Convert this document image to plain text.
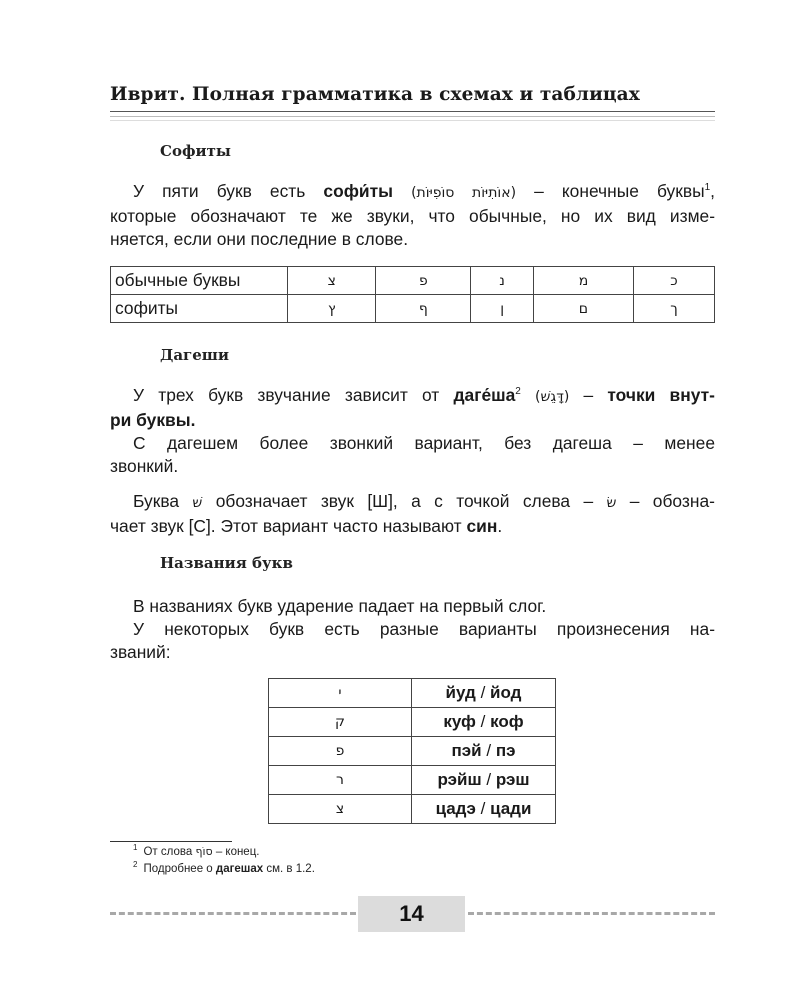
Иврит. Полная грамматика в схемах и таблицах
Софиты
У пяти букв есть софи́ты (אוֹתִיּוֹת סוֹפִיּוֹת) – конечные буквы$^1$,
которые обозначают те же звуки, что обычные, но их вид изме-
няется, если они последние в слове.
обычные буквы	צ	פ	נ	מ	כ
софиты	ץ	ף	ן	ם	ך
Дагеши
У трех букв звучание зависит от $даге́ша^2$ (דָּגֵשׁ) – точки внут-
ри буквы.
С дагешем более звонкий вариант, без дагеша – менее
звонкий.
Буква שׁ обозначает звук [Ш], а с точкой слева – שׂ – обозна-
чает звук [С]. Этот вариант часто называют син.
Названия букв
В названиях букв ударение падает на первый слог.
У некоторых букв есть разные варианты произнесения на-
званий:
י	йуд / йод
ק	куф / коф
פ	пэй / пэ
ר	рэйш / рэш
צ	цадэ / цади
$^1$ От слова סוֹף – конец.
$^2$ Подробнее о дагешах см. в 1.2.
14
